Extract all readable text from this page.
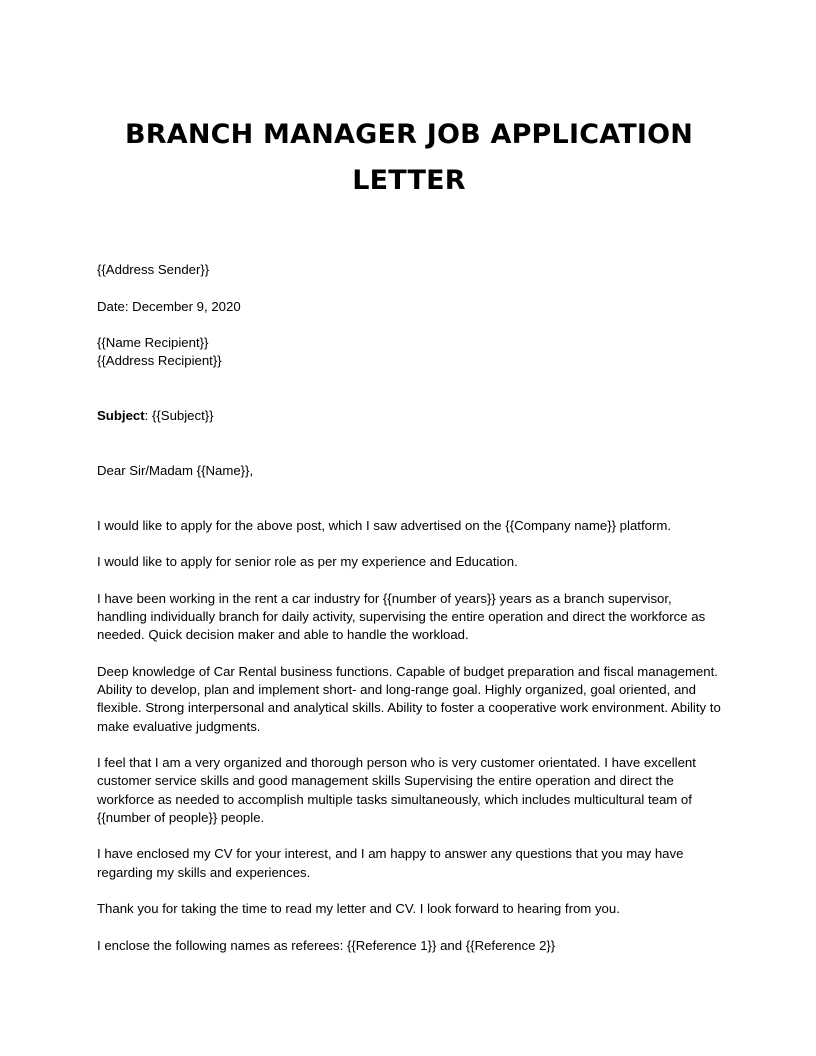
BRANCH MANAGER JOB APPLICATION
LETTER

{{Address Sender}}

Date: December 9, 2020

{{Name Recipient}}

{{Address Recipient}}

Subject: {{Subject}}

Dear Sir/Madam {{Name}},

I would like to apply for the above post, which I saw advertised on the {{Company name}} platform.

I would like to apply for senior role as per my experience and Education.

I have been working in the rent a car industry for {{number of years}} years as a branch supervisor, handling individually branch for daily activity, supervising the entire operation and direct the workforce as needed. Quick decision maker and able to handle the workload.

Deep knowledge of Car Rental business functions. Capable of budget preparation and fiscal management. Ability to develop, plan and implement short- and long-range goal. Highly organized, goal oriented, and flexible. Strong interpersonal and analytical skills. Ability to foster a cooperative work environment. Ability to make evaluative judgments.

I feel that I am a very organized and thorough person who is very customer orientated. I have excellent customer service skills and good management skills Supervising the entire operation and direct the workforce as needed to accomplish multiple tasks simultaneously, which includes multicultural team of {{number of people}} people.

I have enclosed my CV for your interest, and I am happy to answer any questions that you may have regarding my skills and experiences.

Thank you for taking the time to read my letter and CV. I look forward to hearing from you.

I enclose the following names as referees: {{Reference 1}} and {{Reference 2}}
